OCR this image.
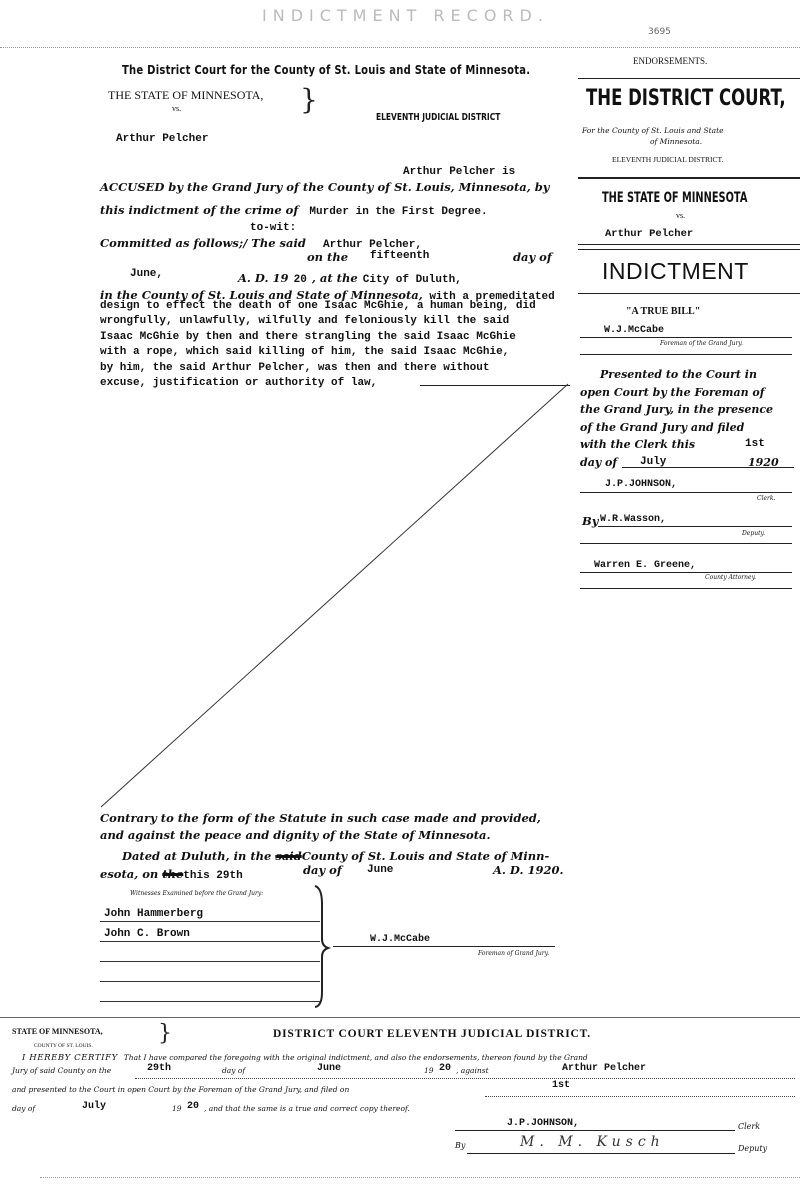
INDICTMENT RECORD.
3695
The District Court for the County of St. Louis and State of Minnesota.
THE STATE OF MINNESOTA,
vs.	}
ELEVENTH JUDICIAL DISTRICT
Arthur Pelcher
Arthur Pelcher is
ACCUSED by the Grand Jury of the County of St. Louis, Minnesota, by
this indictment of the crime of Murder in the First Degree.
to-wit:
Committed as follows;/ The said Arthur Pelcher,
on the fifteenth	day of
June,	A. D. 19 20 , at the City of Duluth,
in the County of St. Louis and State of Minnesota, with a premeditated
design to effect the death of one Isaac McGhie, a human being, did
wrongfully, unlawfully, wilfully and feloniously kill the said
Isaac McGhie by then and there strangling the said Isaac McGhie
with a rope, which said killing of him, the said Isaac McGhie,
by him, the said Arthur Pelcher, was then and there without
excuse, justification or authority of law,
Contrary to the form of the Statute in such case made and provided,
and against the peace and dignity of the State of Minnesota.
Dated at Duluth, in the saidCounty of St. Louis and State of Minn-
esota, on thethis 29th	day of June	A. D. 1920.
Witnesses Examined before the Grand Jury:
John Hammerberg
John C. Brown	W.J.McCabe
Foreman of Grand Jury.
ENDORSEMENTS.
THE DISTRICT COURT,
For the County of St. Louis and State
of Minnesota.
ELEVENTH JUDICIAL DISTRICT.
THE STATE OF MINNESOTA
vs.
Arthur Pelcher
INDICTMENT
"A TRUE BILL"
W.J.McCabe
Foreman of the Grand Jury.
Presented to the Court in
open Court by the Foreman of
the Grand Jury, in the presence
of the Grand Jury and filed
with the Clerk this	1st
day of July	1920
J.P.JOHNSON,
Clerk.
By W.R.Wasson,
Deputy.
Warren E. Greene,
County Attorney.
STATE OF MINNESOTA,
COUNTY OF ST. LOUIS.	}	DISTRICT COURT ELEVENTH JUDICIAL DISTRICT.
I HEREBY CERTIFY That I have compared the foregoing with the original indictment, and also the endorsements, thereon found by the Grand
Jury of said County on the	29th	day of	June	19 20 , against	Arthur Pelcher
and presented to the Court in open Court by the Foreman of the Grand Jury, and filed on	1st
day of	July	19 20 , and that the same is a true and correct copy thereof.
J.P.JOHNSON,	Clerk
By	M. M. Kusch	Deputy
